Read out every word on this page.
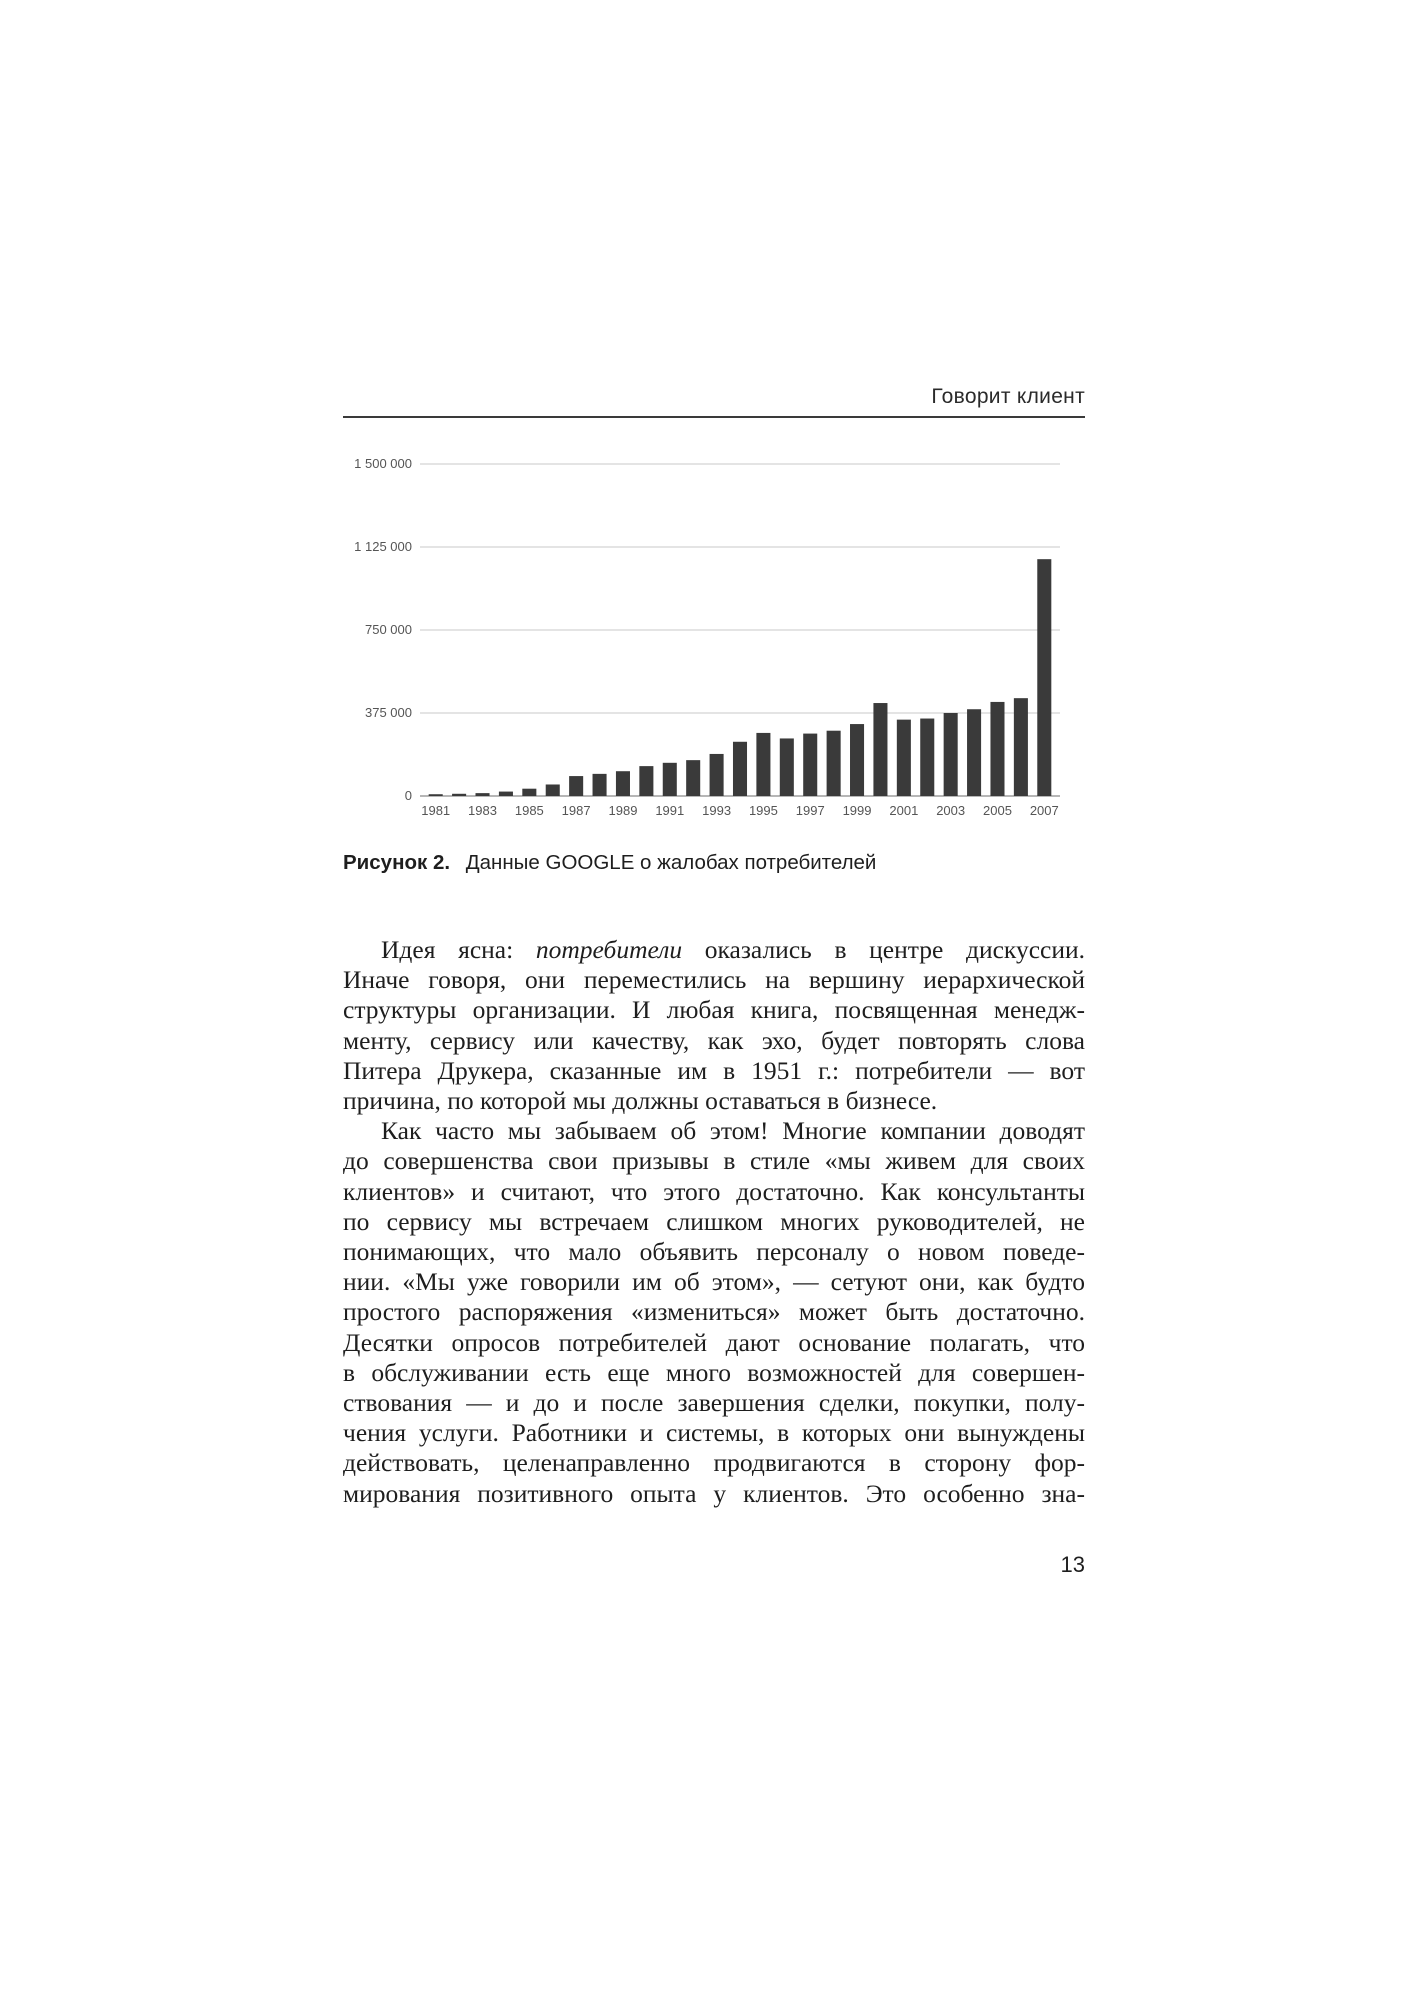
Говорит клиент
0
375 000
750 000
1 125 000
1 500 000
1981 1983 1985 1987 1989 1991 1993 1995 1997 1999 2001 2003 2005 2007
Рисунок 2. Данные GOOGLE о жалобах потребителей

Идея ясна: потребители оказались в центре дискуссии.

Иначе говоря, они переместились на вершину иерархической

структуры организации. И любая книга, посвященная менедж-

менту, сервису или качеству, как эхо, будет повторять слова

Питера Друкера, сказанные им в 1951 г.: потребители — вот

причина, по которой мы должны оставаться в бизнесе.

Как часто мы забываем об этом! Многие компании доводят

до совершенства свои призывы в стиле «мы живем для своих

клиентов» и считают, что этого достаточно. Как консультанты

по сервису мы встречаем слишком многих руководителей, не

понимающих, что мало объявить персоналу о новом поведе-

нии. «Мы уже говорили им об этом», — сетуют они, как будто

простого распоряжения «измениться» может быть достаточно.

Десятки опросов потребителей дают основание полагать, что

в обслуживании есть еще много возможностей для совершен-

ствования — и до и после завершения сделки, покупки, полу-

чения услуги. Работники и системы, в которых они вынуждены

действовать, целенаправленно продвигаются в сторону фор-

мирования позитивного опыта у клиентов. Это особенно зна-

13
